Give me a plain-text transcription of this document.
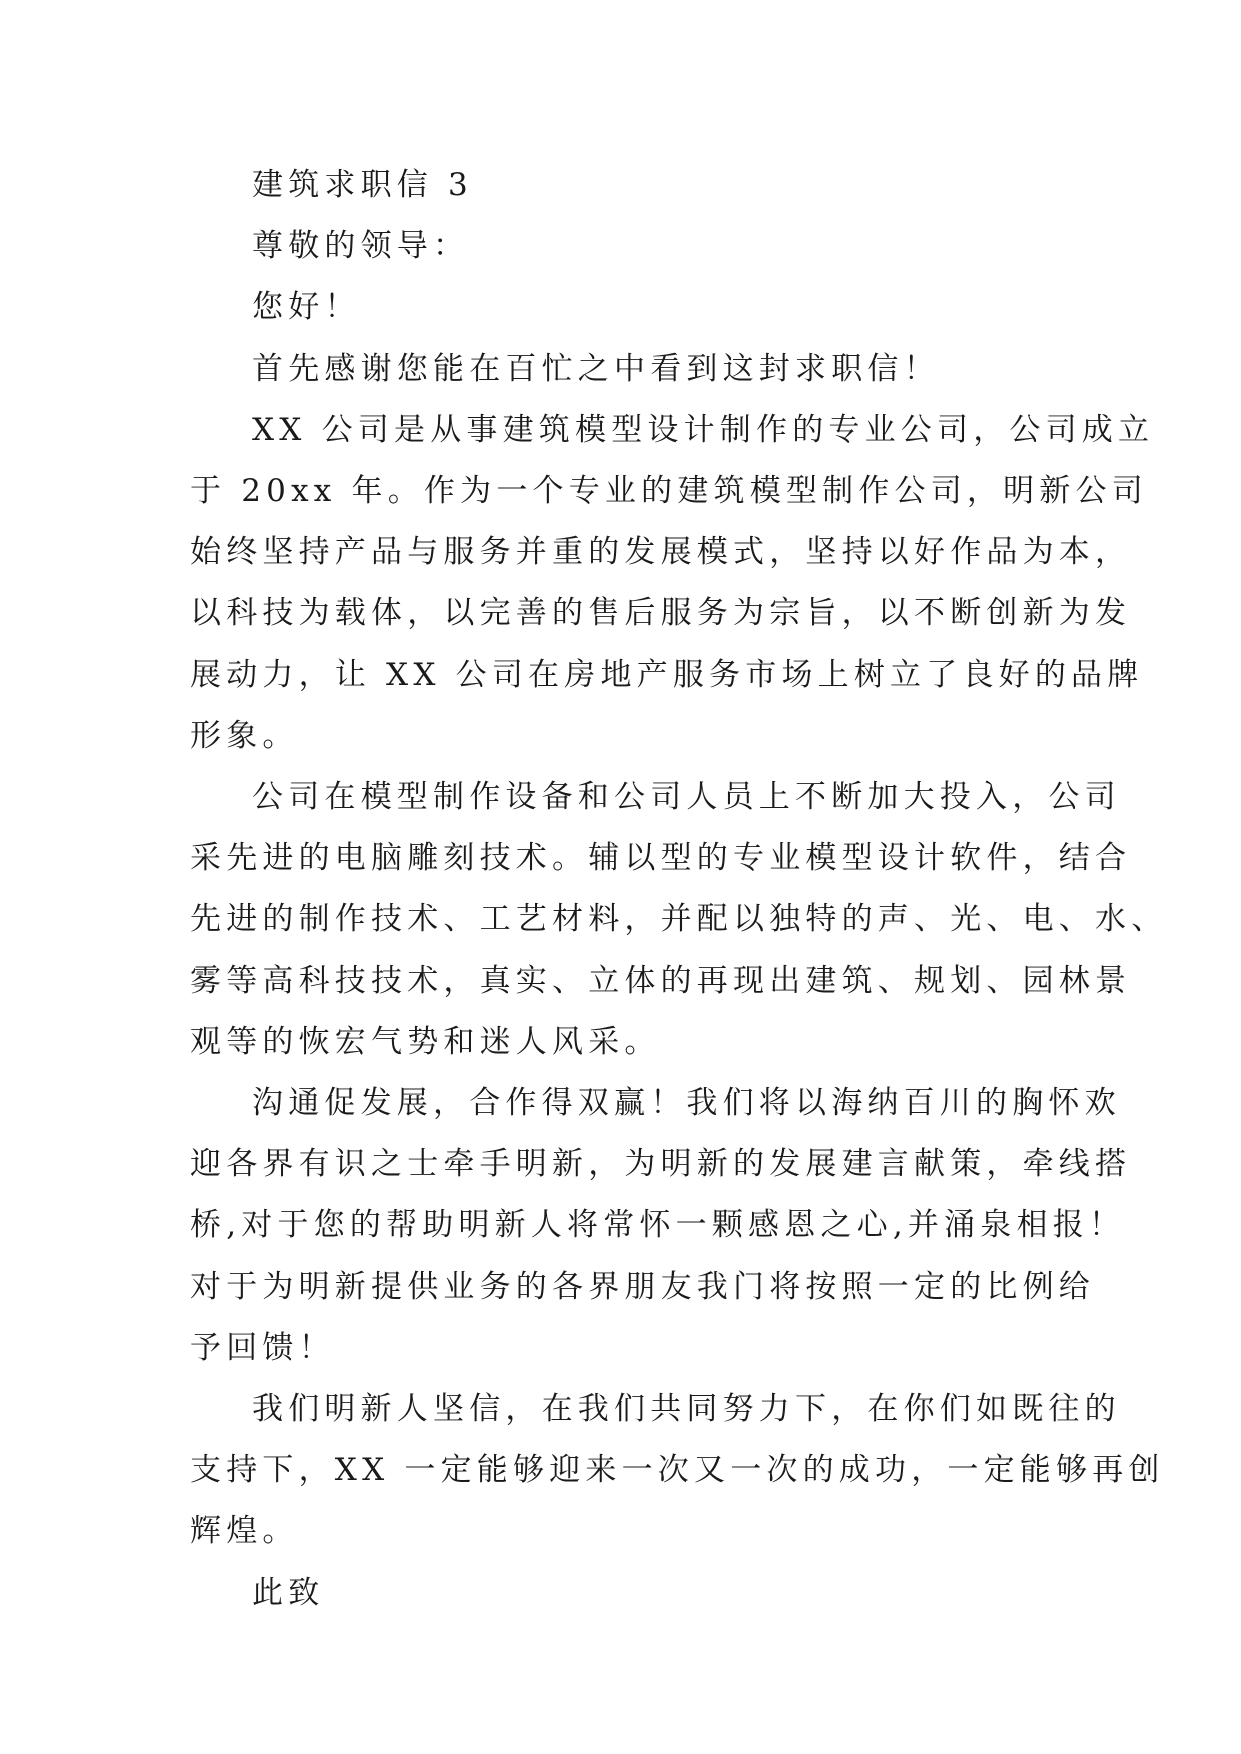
建筑求职信 3
尊敬的领导：
您好！
首先感谢您能在百忙之中看到这封求职信！
XX 公司是从事建筑模型设计制作的专业公司，公司成立
于 20xx 年。作为一个专业的建筑模型制作公司，明新公司
始终坚持产品与服务并重的发展模式，坚持以好作品为本，
以科技为载体，以完善的售后服务为宗旨，以不断创新为发
展动力，让 XX 公司在房地产服务市场上树立了良好的品牌
形象。
公司在模型制作设备和公司人员上不断加大投入，公司
采先进的电脑雕刻技术。辅以型的专业模型设计软件，结合
先进的制作技术、工艺材料，并配以独特的声、光、电、水、
雾等高科技技术，真实、立体的再现出建筑、规划、园林景
观等的恢宏气势和迷人风采。
沟通促发展，合作得双赢！我们将以海纳百川的胸怀欢
迎各界有识之士牵手明新，为明新的发展建言献策，牵线搭
桥,对于您的帮助明新人将常怀一颗感恩之心,并涌泉相报！
对于为明新提供业务的各界朋友我门将按照一定的比例给
予回馈！
我们明新人坚信，在我们共同努力下，在你们如既往的
支持下，XX 一定能够迎来一次又一次的成功，一定能够再创
辉煌。
此致
